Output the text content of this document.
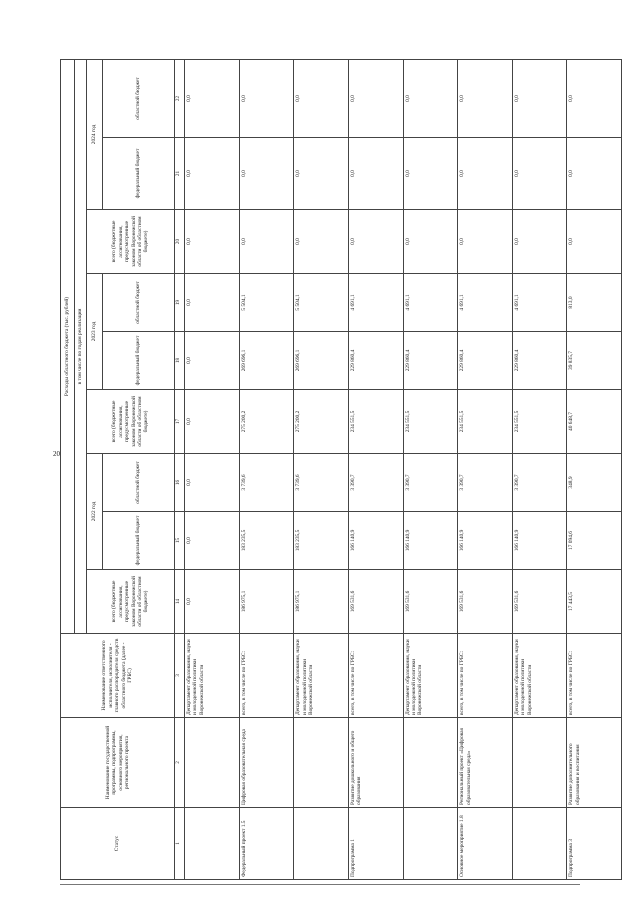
20
Статус	Наименование государственной программы, подпрограммы, основного мероприятия, регионального проекта	Наименование ответственного исполнителя, исполнителя - главного распорядителя средств областного бюджета (далее - ГРБС)	Расходы областного бюджета (тыс. рублей)								
			в том числе по годам реализации								
			всего (бюджетные ассигнования, предусмотренные законом Воронежской области об областном бюджете)	2022 год		всего (бюджетные ассигнования, предусмотренные законом Воронежской области об областном бюджете)	2023 год		всего (бюджетные ассигнования, предусмотренные законом Воронежской области об областном бюджете)	2024 год	
				федеральный бюджет	областной бюджет		федеральный бюджет	областной бюджет		федеральный бюджет	областной бюджет
1	2	3	14	15	16	17	18	19	20	21	22
		Департамент образования, науки и молодежной политики Воронежской области	0,0	0,0	0,0	0,0	0,0	0,0	0,0	0,0	0,0
Федеральный проект 1.5	Цифровая образовательная среда	всего, в том числе по ГРБС:	186 975,1	183 235,5	3 739,6	275 200,2	269 696,1	5 504,1	0,0	0,0	0,0
		Департамент образования, науки и молодежной политики Воронежской области	186 975,1	183 235,5	3 739,6	275 200,2	269 696,1	5 504,1	0,0	0,0	0,0
Подпрограмма 1	Развитие дошкольного и общего образования	всего, в том числе по ГРБС:	169 531,6	166 140,9	3 390,7	234 551,5	229 860,4	4 691,1	0,0	0,0	0,0
		Департамент образования, науки и молодежной политики Воронежской области	169 531,6	166 140,9	3 390,7	234 551,5	229 860,4	4 691,1	0,0	0,0	0,0
Основное мероприятие 1.8	Региональный проект «Цифровая образовательная среда»	всего, в том числе по ГРБС:	169 531,6	166 140,9	3 390,7	234 551,5	229 860,4	4 691,1	0,0	0,0	0,0
		Департамент образования, науки и молодежной политики Воронежской области	169 531,6	166 140,9	3 390,7	234 551,5	229 860,4	4 691,1	0,0	0,0	0,0
Подпрограмма 3	Развитие дополнительного образования и воспитания	всего, в том числе по ГРБС:	17 443,5	17 094,6	348,9	40 648,7	39 835,7	813,0	0,0	0,0	0,0
